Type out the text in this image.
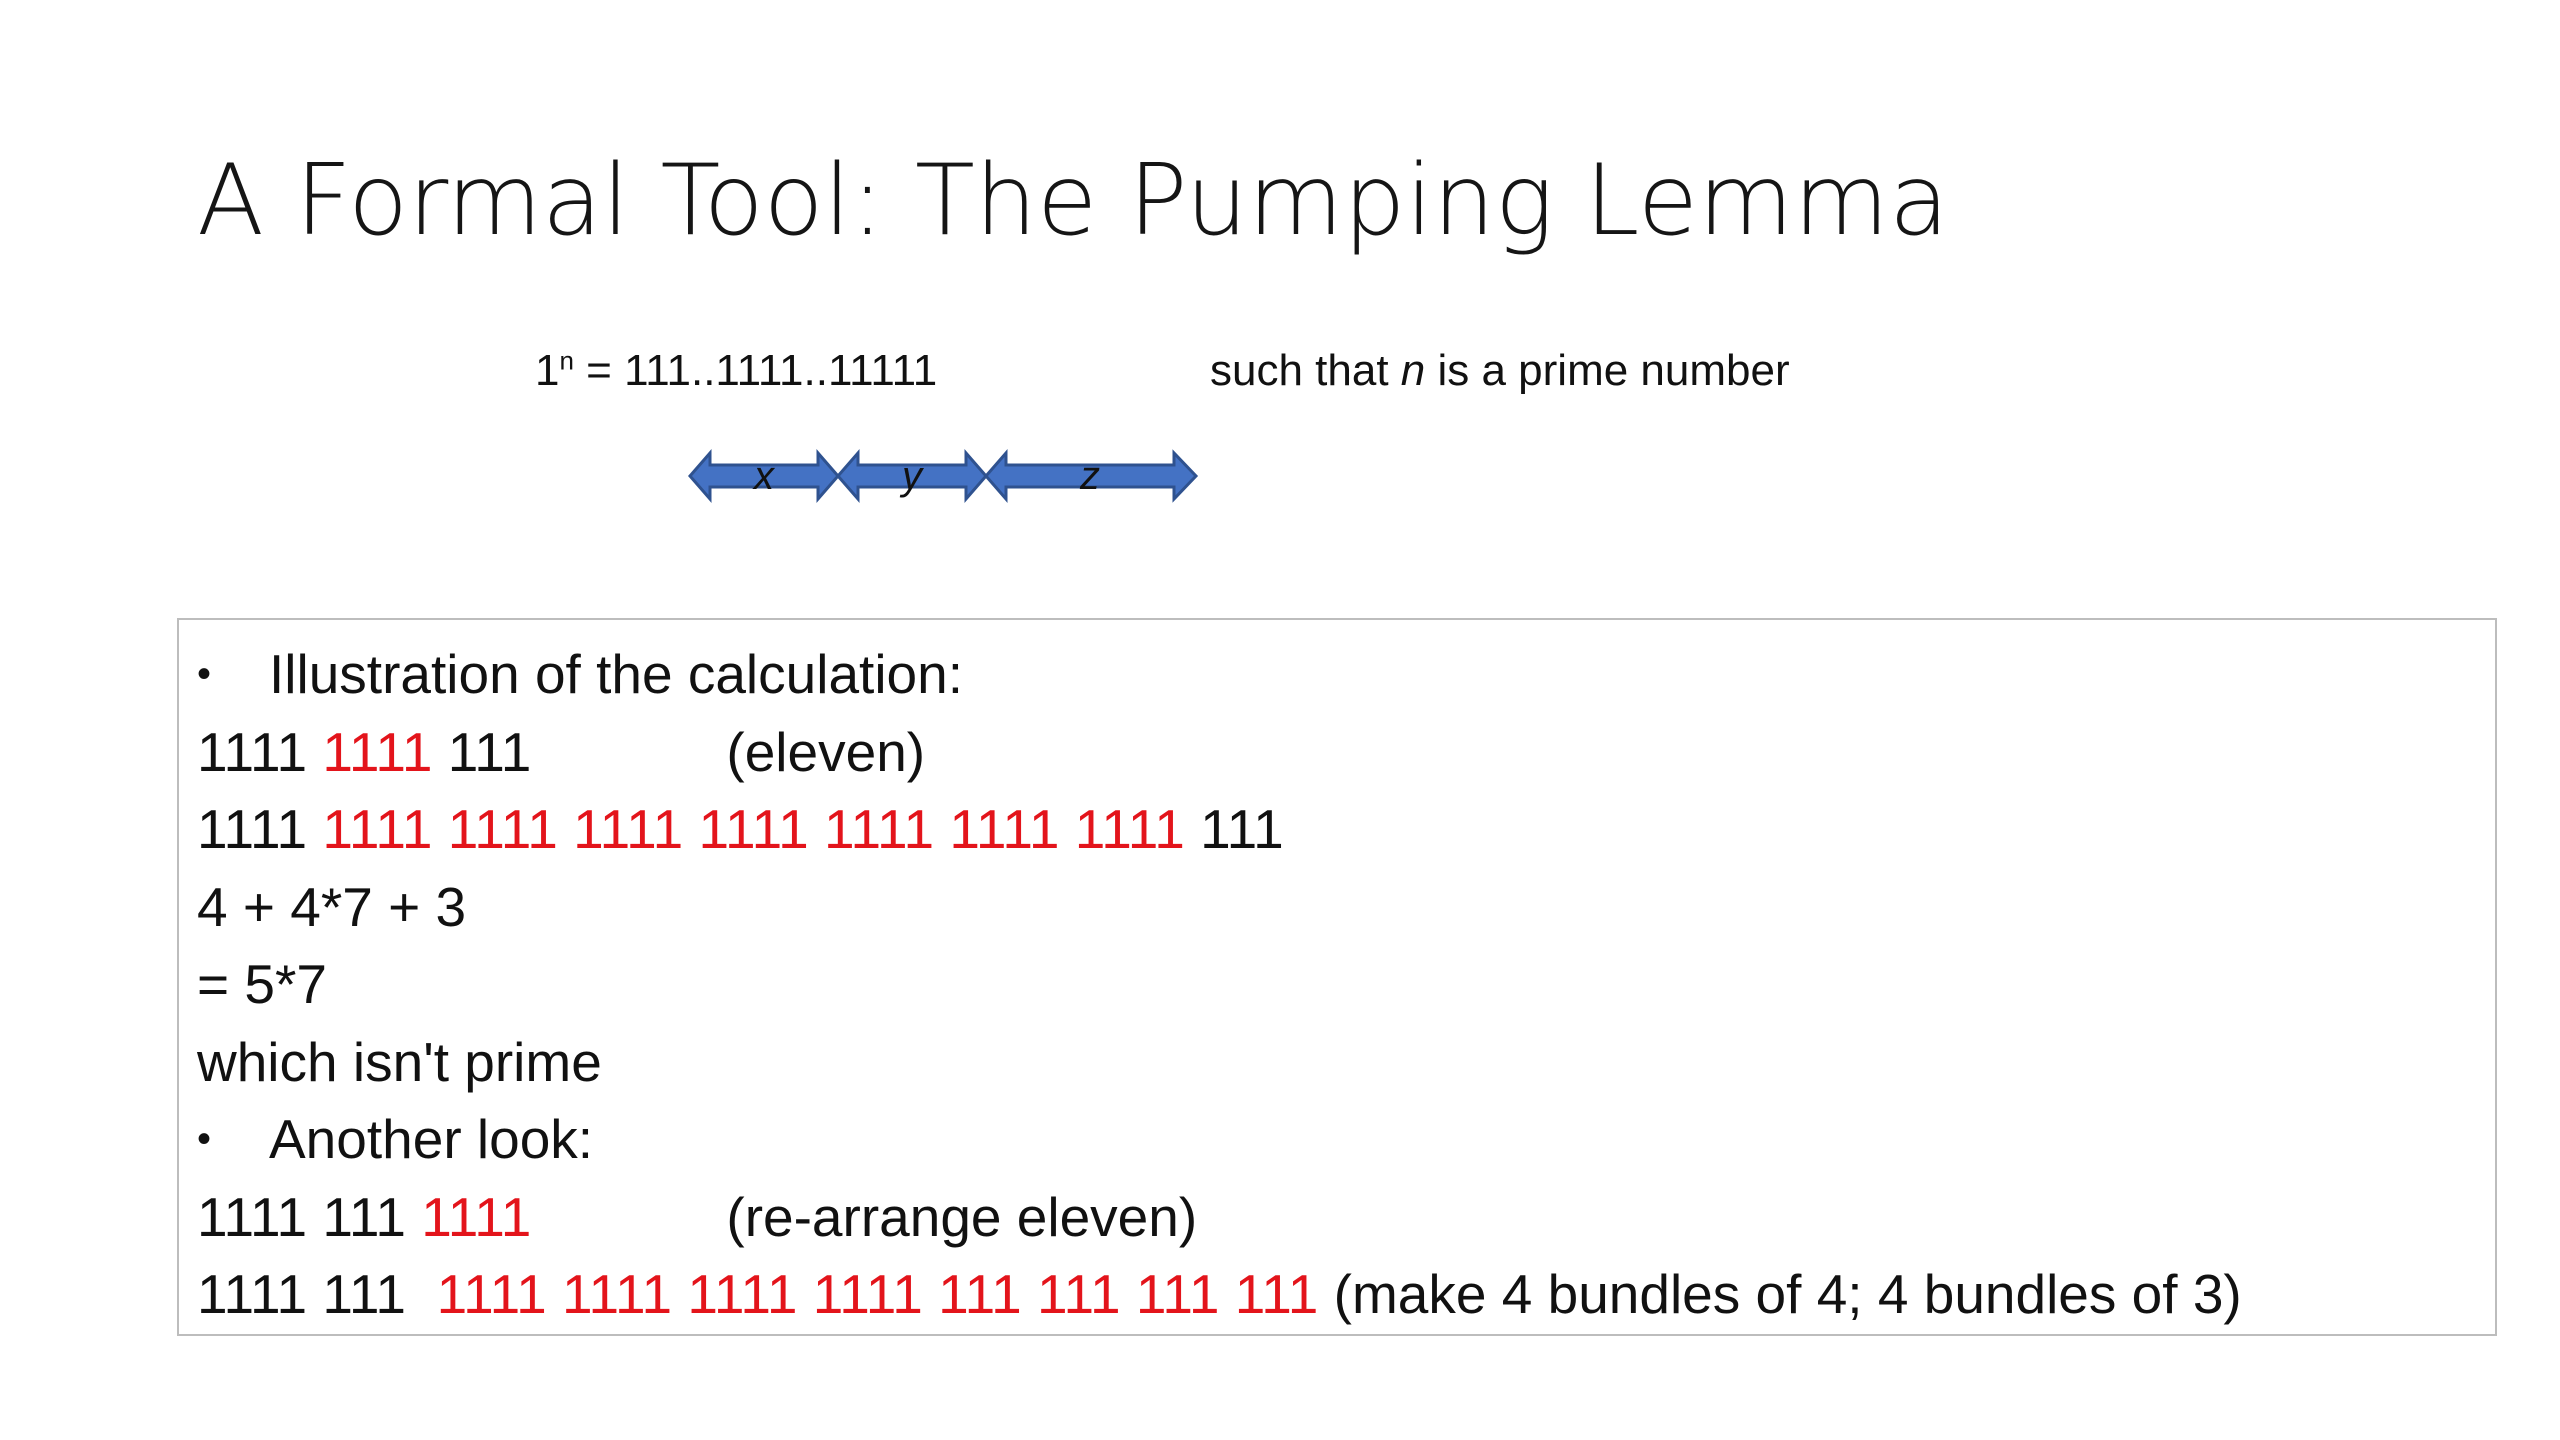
A Formal Tool: The Pumping Lemma
$1^n = 111..1111..11111$	such that n is a prime number
x	y	z
•	Illustration of the calculation:
1111 1111 111	(eleven)
1111 1111 1111 1111 1111 1111 1111 1111 111
4 + 4*7 + 3
= 5*7
which isn't prime
•	Another look:
1111 111 1111	(re-arrange eleven)
1111 111  1111 1111 1111 1111 111 111 111 111 (make 4 bundles of 4; 4 bundles of 3)
